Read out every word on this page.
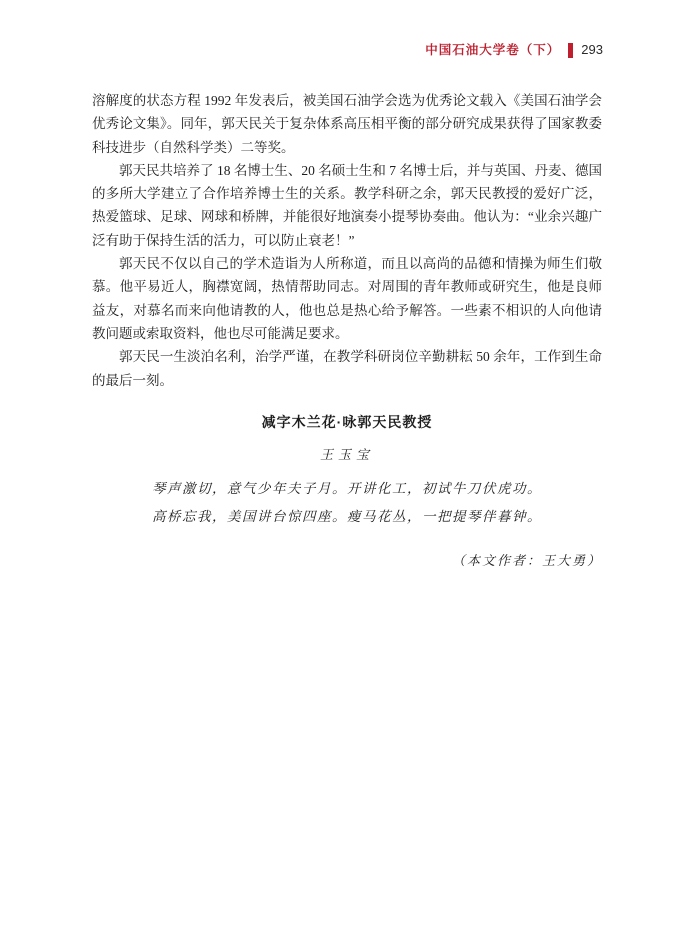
中国石油大学卷（下） 293

溶解度的状态方程 1992 年发表后，被美国石油学会选为优秀论文载入《美国石油学会优秀论文集》。同年，郭天民关于复杂体系高压相平衡的部分研究成果获得了国家教委科技进步（自然科学类）二等奖。

郭天民共培养了 18 名博士生、20 名硕士生和 7 名博士后，并与英国、丹麦、德国的多所大学建立了合作培养博士生的关系。教学科研之余，郭天民教授的爱好广泛，热爱篮球、足球、网球和桥牌，并能很好地演奏小提琴协奏曲。他认为：“业余兴趣广泛有助于保持生活的活力，可以防止衰老！”

郭天民不仅以自己的学术造诣为人所称道，而且以高尚的品德和情操为师生们敬慕。他平易近人，胸襟宽阔，热情帮助同志。对周围的青年教师或研究生，他是良师益友，对慕名而来向他请教的人，他也总是热心给予解答。一些素不相识的人向他请教问题或索取资料，他也尽可能满足要求。

郭天民一生淡泊名利，治学严谨，在教学科研岗位辛勤耕耘 50 余年，工作到生命的最后一刻。

减字木兰花·咏郭天民教授
王玉宝
琴声激切，意气少年夫子月。开讲化工，初试牛刀伏虎功。
高桥忘我，美国讲台惊四座。瘦马花丛，一把提琴伴暮钟。
（本文作者：王大勇）
